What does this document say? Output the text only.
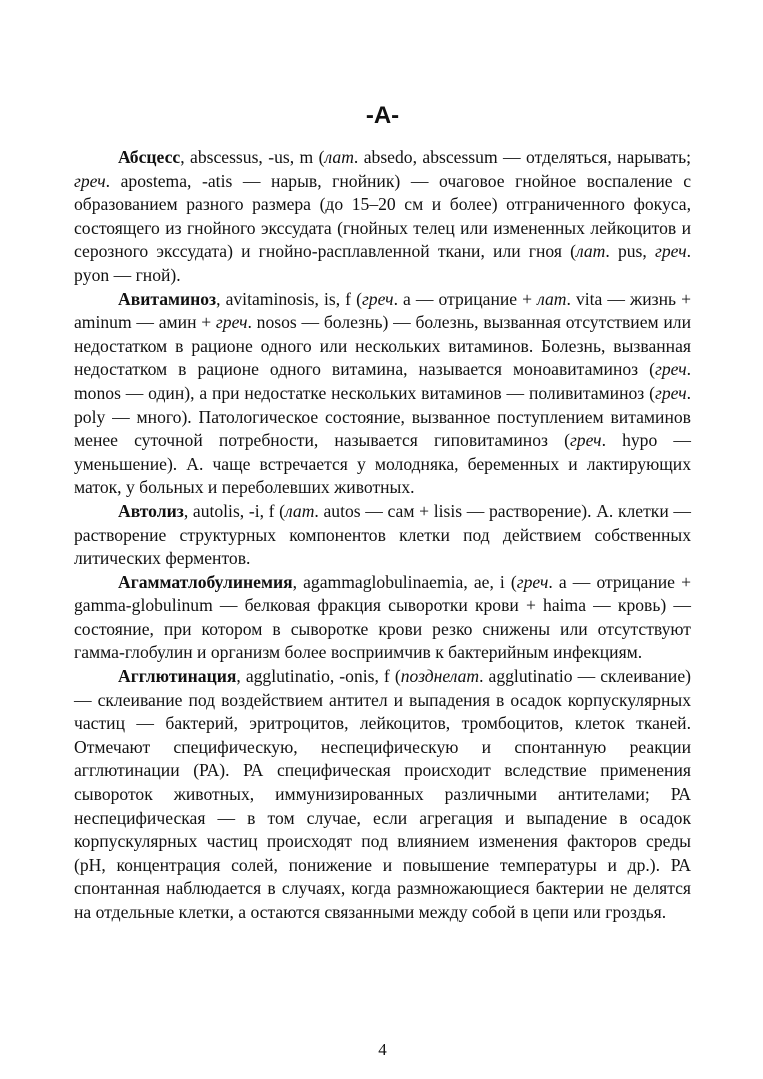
-А-

Абсцесс, abscessus, -us, m (лат. absedo, abscessum — отделяться, нарывать; греч. apostema, -atis — нарыв, гнойник) — очаговое гнойное воспаление с образованием разного размера (до 15–20 см и более) отграниченного фокуса, состоящего из гнойного экссудата (гнойных телец или измененных лейкоцитов и серозного экссудата) и гнойно-расплавленной ткани, или гноя (лат. pus, греч. pyon — гной).

Авитаминоз, avitaminosis, is, f (греч. а — отрицание + лат. vita — жизнь + aminum — амин + греч. nosos — болезнь) — болезнь, вызванная отсутствием или недостатком в рационе одного или нескольких витаминов. Болезнь, вызванная недостатком в рационе одного витамина, называется моноавитаминоз (греч. monos — один), а при недостатке нескольких витаминов — поливитаминоз (греч. poly — много). Патологическое состояние, вызванное поступлением витаминов менее суточной потребности, называется гиповитаминоз (греч. hypo — уменьшение). А. чаще встречается у молодняка, беременных и лактирующих маток, у больных и переболевших животных.

Автолиз, autolis, -i, f (лат. autos — сам + lisis — растворение). А. клетки — растворение структурных компонентов клетки под действием собственных литических ферментов.

Агамматлобулинемия, agammaglobulinaemia, ae, i (греч. а — отрицание + gamma-globulinum — белковая фракция сыворотки крови + haima — кровь) — состояние, при котором в сыворотке крови резко снижены или отсутствуют гамма-глобулин и организм более восприимчив к бактерийным инфекциям.

Агглютинация, agglutinatio, -onis, f (позднелат. agglutinatio — склеивание) — склеивание под воздействием антител и выпадения в осадок корпускулярных частиц — бактерий, эритроцитов, лейкоцитов, тромбоцитов, клеток тканей. Отмечают специфическую, неспецифическую и спонтанную реакции агглютинации (РА). РА специфическая происходит вследствие применения сывороток животных, иммунизированных различными антителами; РА неспецифическая — в том случае, если агрегация и выпадение в осадок корпускулярных частиц происходят под влиянием изменения факторов среды (рН, концентрация солей, понижение и повышение температуры и др.). РА спонтанная наблюдается в случаях, когда размножающиеся бактерии не делятся на отдельные клетки, а остаются связанными между собой в цепи или гроздья.

4
